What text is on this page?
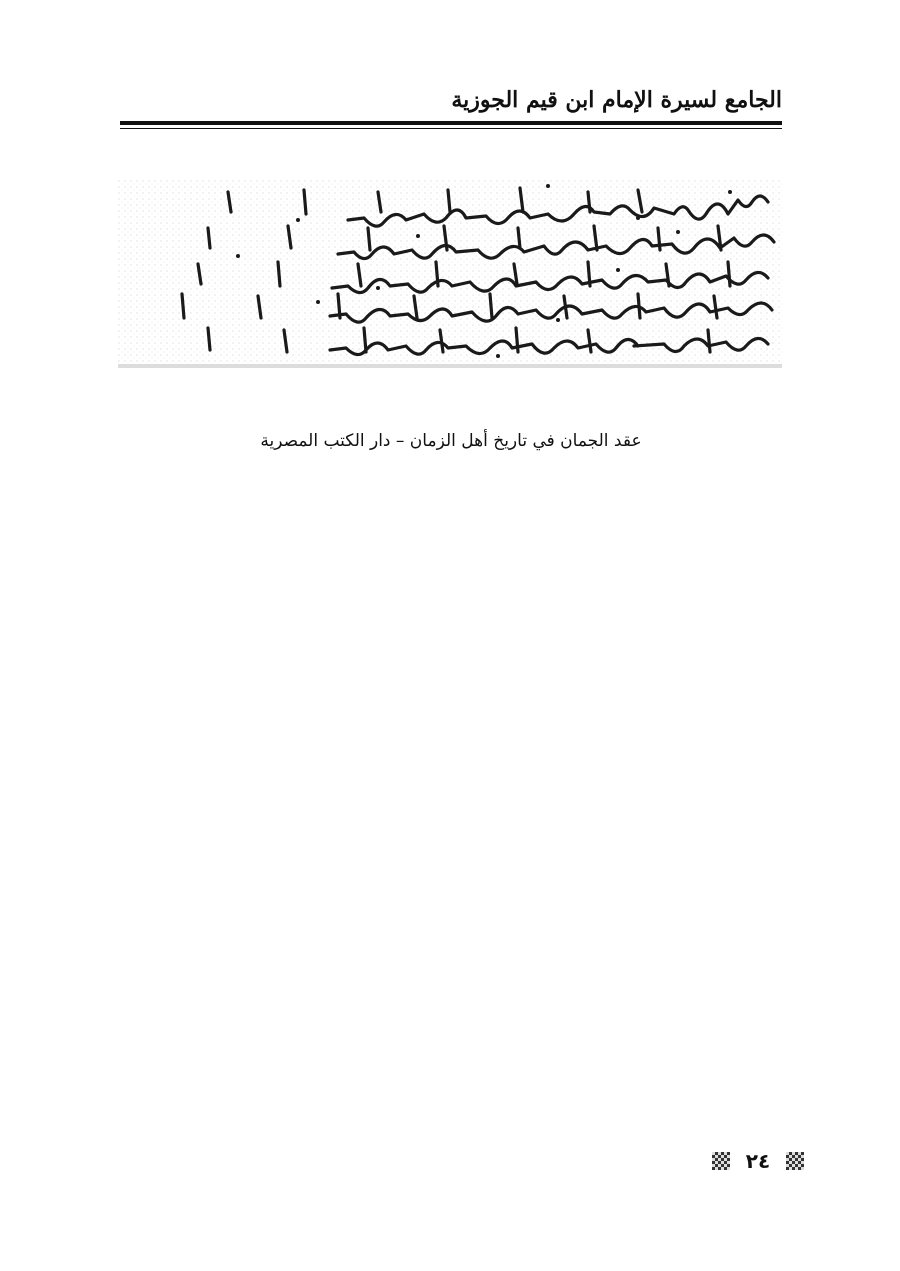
الجامع لسيرة الإمام ابن قيم الجوزية
عقد الجمان في تاريخ أهل الزمان – دار الكتب المصرية
٢٤
